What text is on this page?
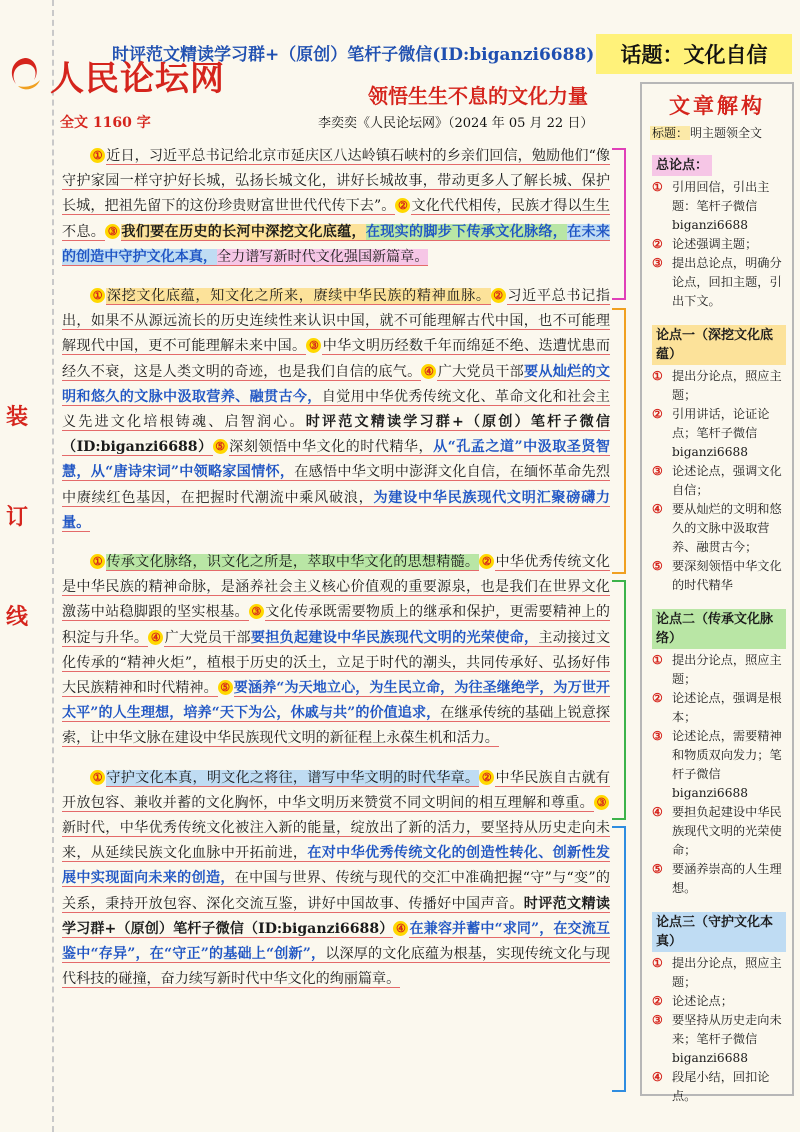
装
订
线
人民论坛网
时评范文精读学习群+（原创）笔杆子微信(ID:biganzi6688)	话题：文化自信
领悟生生不息的文化力量
全文 1160 字	李奕奕《人民论坛网》（2024 年 05 月 22 日）
① 近日，习近平总书记给北京市延庆区八达岭镇石峡村的乡亲们回信，勉励他们“像守护家园一样守护好长城，弘扬长城文化，讲好长城故事，带动更多人了解长城、保护长城，把祖先留下的这份珍贵财富世世代代传下去”。 ② 文化代代相传，民族才得以生生不息。 ③ 我们要在历史的长河中深挖文化底蕴，在现实的脚步下传承文化脉络，在未来的创造中守护文化本真，全力谱写新时代文化强国新篇章。
① 深挖文化底蕴，知文化之所来，赓续中华民族的精神血脉。 ② 习近平总书记指出，如果不从源远流长的历史连续性来认识中国，就不可能理解古代中国，也不可能理解现代中国，更不可能理解未来中国。 ③ 中华文明历经数千年而绵延不绝、迭遭忧患而经久不衰，这是人类文明的奇迹，也是我们自信的底气。 ④ 广大党员干部要从灿烂的文明和悠久的文脉中汲取营养、融贯古今，自觉用中华优秀传统文化、革命文化和社会主义先进文化培根铸魂、启智润心。时评范文精读学习群+（原创）笔杆子微信（ID:biganzi6688） ⑤ 深刻领悟中华文化的时代精华，从“孔孟之道”中汲取圣贤智慧，从“唐诗宋词”中领略家国情怀，在感悟中华文明中澎湃文化自信，在缅怀革命先烈中赓续红色基因，在把握时代潮流中乘风破浪，为建设中华民族现代文明汇聚磅礴力量。
① 传承文化脉络，识文化之所是，萃取中华文化的思想精髓。 ② 中华优秀传统文化是中华民族的精神命脉，是涵养社会主义核心价值观的重要源泉，也是我们在世界文化激荡中站稳脚跟的坚实根基。 ③ 文化传承既需要物质上的继承和保护，更需要精神上的积淀与升华。 ④ 广大党员干部要担负起建设中华民族现代文明的光荣使命，主动接过文化传承的“精神火炬”，植根于历史的沃土，立足于时代的潮头，共同传承好、弘扬好伟大民族精神和时代精神。 ⑤ 要涵养“为天地立心，为生民立命，为往圣继绝学，为万世开太平”的人生理想，培养“天下为公，休戚与共”的价值追求，在继承传统的基础上锐意探索，让中华文脉在建设中华民族现代文明的新征程上永葆生机和活力。
① 守护文化本真，明文化之将往，谱写中华文明的时代华章。 ② 中华民族自古就有开放包容、兼收并蓄的文化胸怀，中华文明历来赞赏不同文明间的相互理解和尊重。 ③新时代，中华优秀传统文化被注入新的能量，绽放出了新的活力，要坚持从历史走向未来，从延续民族文化血脉中开拓前进，在对中华优秀传统文化的创造性转化、创新性发展中实现面向未来的创造，在中国与世界、传统与现代的交汇中准确把握“守”与“变”的关系，秉持开放包容、深化交流互鉴，讲好中国故事、传播好中国声音。时评范文精读学习群+（原创）笔杆子微信（ID:biganzi6688） ④ 在兼容并蓄中“求同”，在交流互鉴中“存异”，在“守正”的基础上“创新”，以深厚的文化底蕴为根基，实现传统文化与现代科技的碰撞，奋力续写新时代中华文化的绚丽篇章。
文章解构
标题： 明主题领全文
总论点：
① 引用回信，引出主题：笔杆子微信 biganzi6688
② 论述强调主题；
③ 提出总论点，明确分论点，回扣主题，引出下文。
论点一（深挖文化底蕴）
① 提出分论点，照应主题；
② 引用讲话，论证论点；笔杆子微信 biganzi6688
③ 论述论点，强调文化自信；
④ 要从灿烂的文明和悠久的文脉中汲取营养、融贯古今；
⑤ 要深刻领悟中华文化的时代精华
论点二（传承文化脉络）
① 提出分论点，照应主题；
② 论述论点，强调是根本；
③ 论述论点，需要精神和物质双向发力；笔杆子微信 biganzi6688
④ 要担负起建设中华民族现代文明的光荣使命；
⑤ 要涵养崇高的人生理想。
论点三（守护文化本真）
① 提出分论点，照应主题；
② 论述论点；
③ 要坚持从历史走向未来；笔杆子微信 biganzi6688
④ 段尾小结，回扣论点。
